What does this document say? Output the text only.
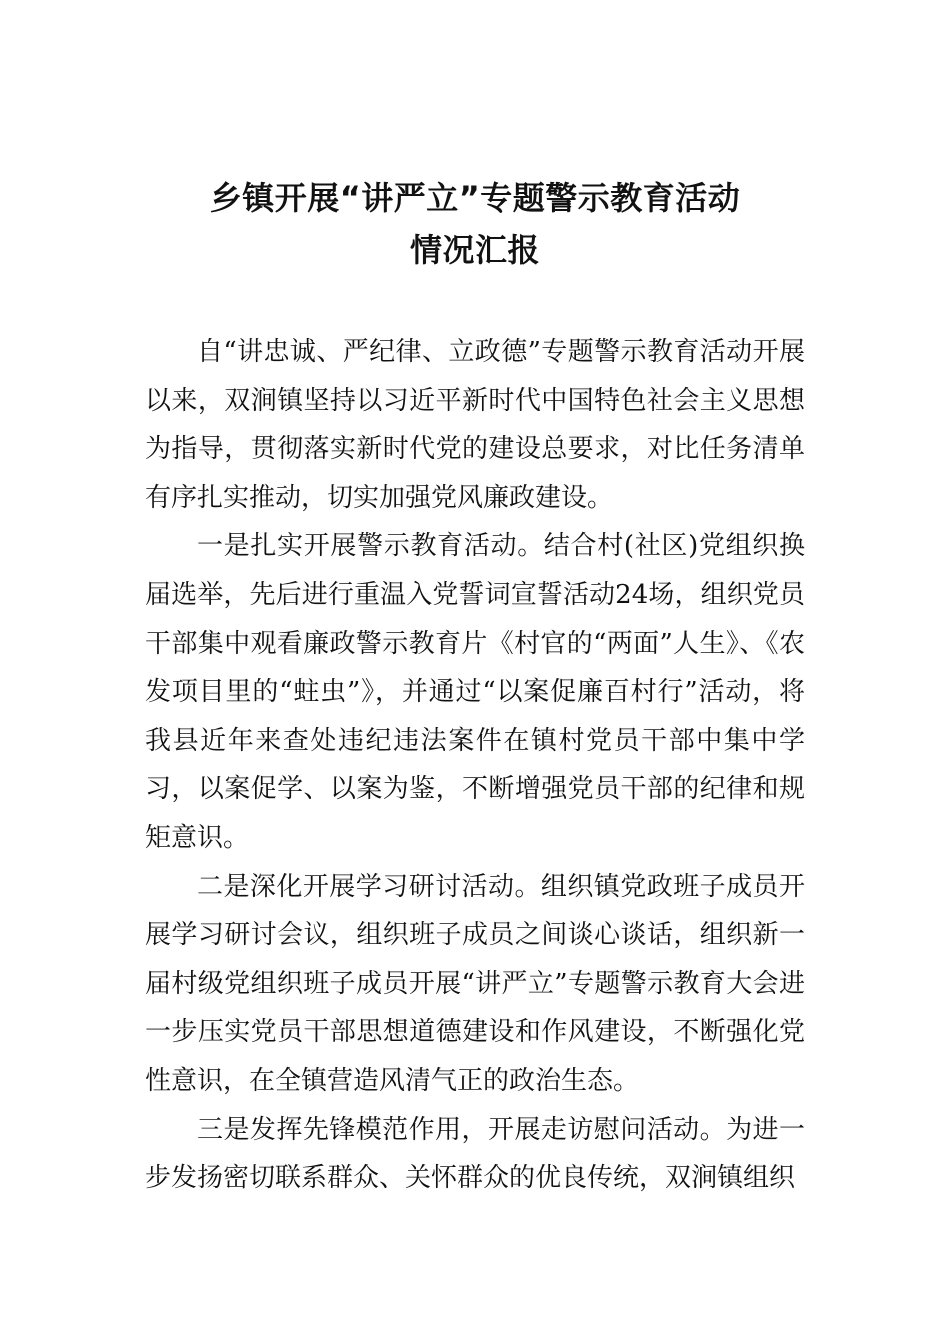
乡镇开展“讲严立”专题警示教育活动
情况汇报

自“讲忠诚、严纪律、立政德”专题警示教育活动开展以来，双涧镇坚持以习近平新时代中国特色社会主义思想为指导，贯彻落实新时代党的建设总要求，对比任务清单有序扎实推动，切实加强党风廉政建设。

一是扎实开展警示教育活动。结合村(社区)党组织换届选举，先后进行重温入党誓词宣誓活动24场，组织党员干部集中观看廉政警示教育片《村官的“两面”人生》、《农发项目里的“蛀虫”》，并通过“以案促廉百村行”活动，将我县近年来查处违纪违法案件在镇村党员干部中集中学习，以案促学、以案为鉴，不断增强党员干部的纪律和规矩意识。

二是深化开展学习研讨活动。组织镇党政班子成员开展学习研讨会议，组织班子成员之间谈心谈话，组织新一届村级党组织班子成员开展“讲严立”专题警示教育大会进一步压实党员干部思想道德建设和作风建设，不断强化党性意识，在全镇营造风清气正的政治生态。

三是发挥先锋模范作用，开展走访慰问活动。为进一步发扬密切联系群众、关怀群众的优良传统，双涧镇组织
